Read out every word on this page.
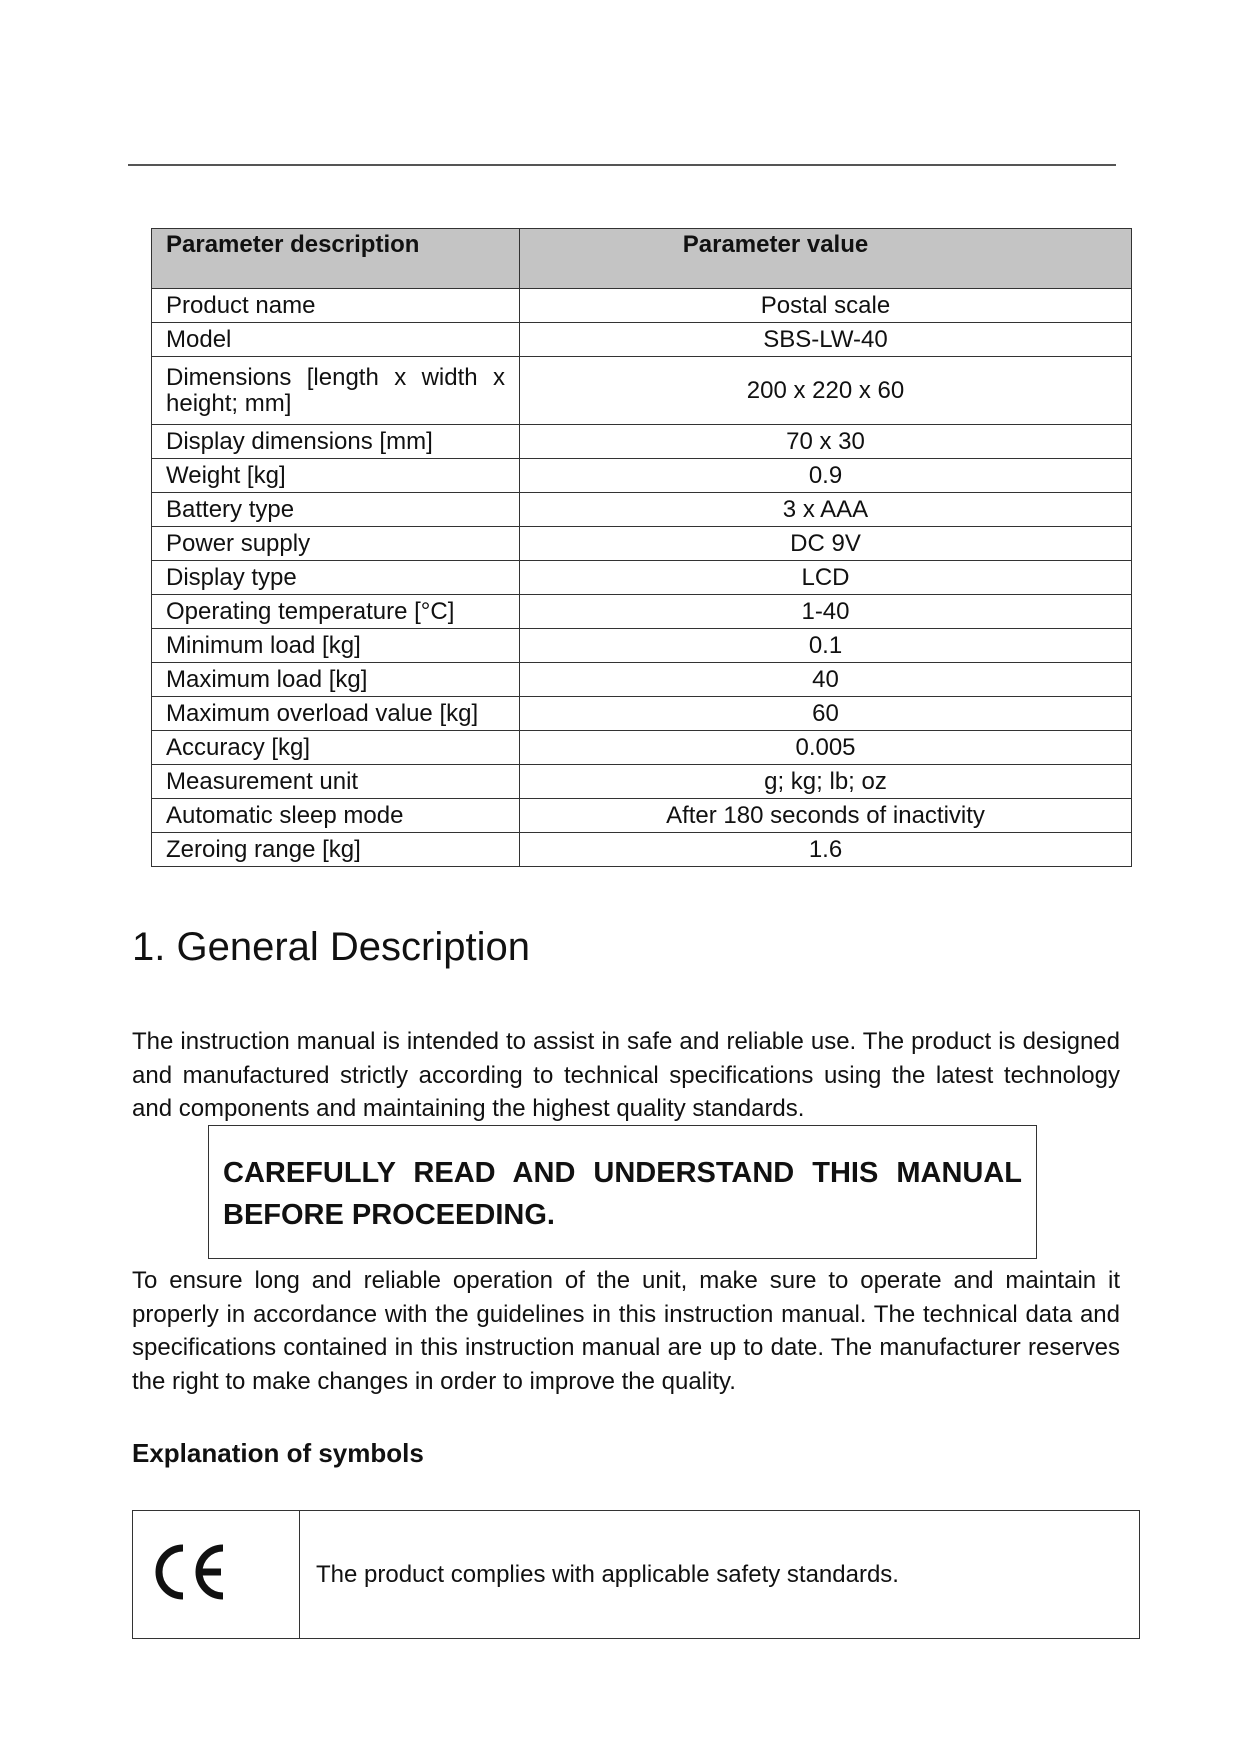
Parameter description	Parameter value
Product name	Postal scale
Model	SBS-LW-40
Dimensions [length x width x height; mm]	200 x 220 x 60
Display dimensions [mm]	70 x 30
Weight [kg]	0.9
Battery type	3 x AAA
Power supply	DC 9V
Display type	LCD
Operating temperature [°C]	1-40
Minimum load [kg]	0.1
Maximum load [kg]	40
Maximum overload value [kg]	60
Accuracy [kg]	0.005
Measurement unit	g; kg; lb; oz
Automatic sleep mode	After 180 seconds of inactivity
Zeroing range [kg]	1.6
1. General Description

The instruction manual is intended to assist in safe and reliable use. The product is designed and manufactured strictly according to technical specifications using the latest technology and components and maintaining the highest quality standards.

CAREFULLY READ AND UNDERSTAND THIS MANUAL BEFORE PROCEEDING.

To ensure long and reliable operation of the unit, make sure to operate and maintain it properly in accordance with the guidelines in this instruction manual. The technical data and specifications contained in this instruction manual are up to date. The manufacturer reserves the right to make changes in order to improve the quality.

Explanation of symbols
	The product complies with applicable safety standards.
